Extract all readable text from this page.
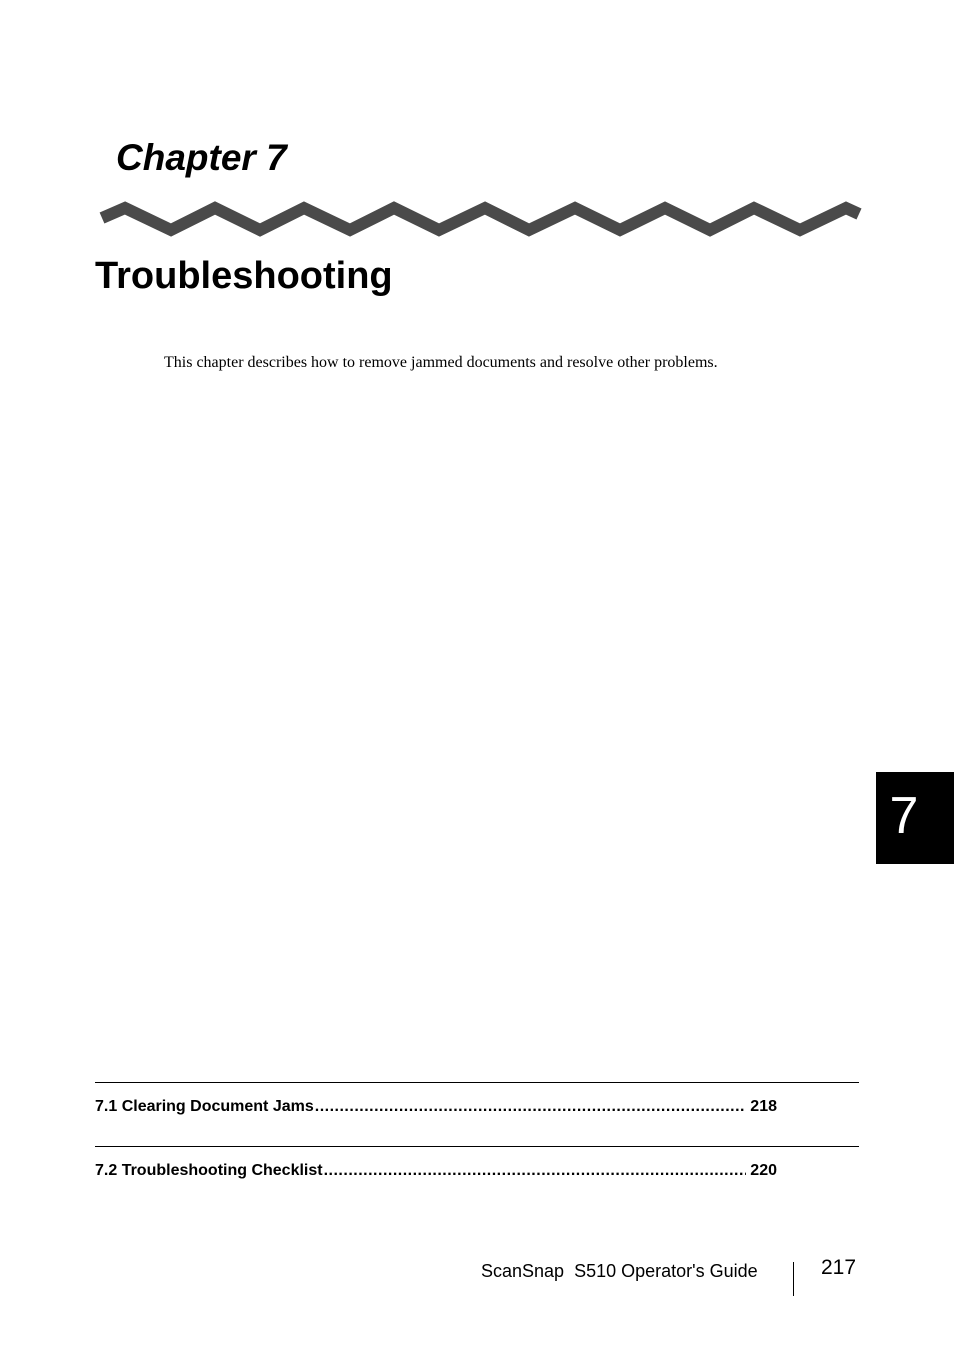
Chapter 7
Troubleshooting
This chapter describes how to remove jammed documents and resolve other problems.
7
7.1 Clearing Document Jams .....	218
7.2 Troubleshooting Checklist .....	220
ScanSnap  S510 Operator's Guide	217
